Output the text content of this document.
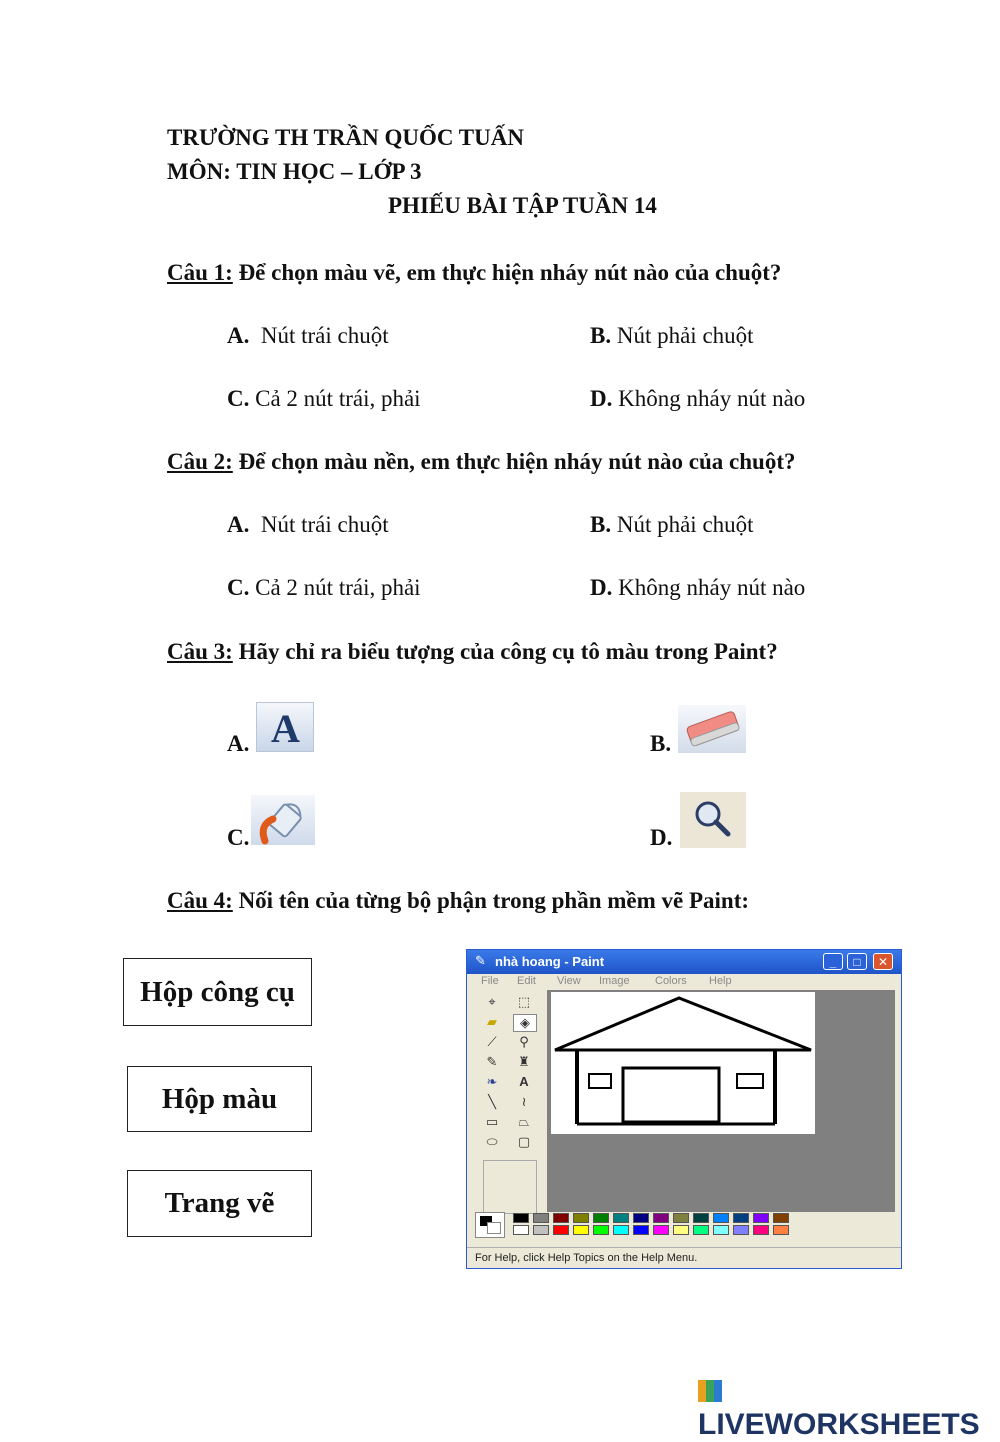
TRƯỜNG TH TRẦN QUỐC TUẤN
MÔN: TIN HỌC – LỚP 3
PHIẾU BÀI TẬP TUẦN 14
Câu 1: Để chọn màu vẽ, em thực hiện nháy nút nào của chuột?
A.  Nút trái chuột	B. Nút phải chuột
C. Cả 2 nút trái, phải	D. Không nháy nút nào
Câu 2: Để chọn màu nền, em thực hiện nháy nút nào của chuột?
A.  Nút trái chuột	B. Nút phải chuột
C. Cả 2 nút trái, phải	D. Không nháy nút nào
Câu 3: Hãy chỉ ra biểu tượng của công cụ tô màu trong Paint?
A. A	B.
C.	D.
Câu 4: Nối tên của từng bộ phận trong phần mềm vẽ Paint:
Hộp công cụ
Hộp màu
Trang vẽ
✎ nhà hoang - Paint	_	□	✕
File Edit View Image Colors Help
⌖	⬚
▰	◈
⟋	⚲
✎	♜
❧	A
╲	≀
▭	⏢
⬭	▢
For Help, click Help Topics on the Help Menu.
LIVEWORKSHEETS
